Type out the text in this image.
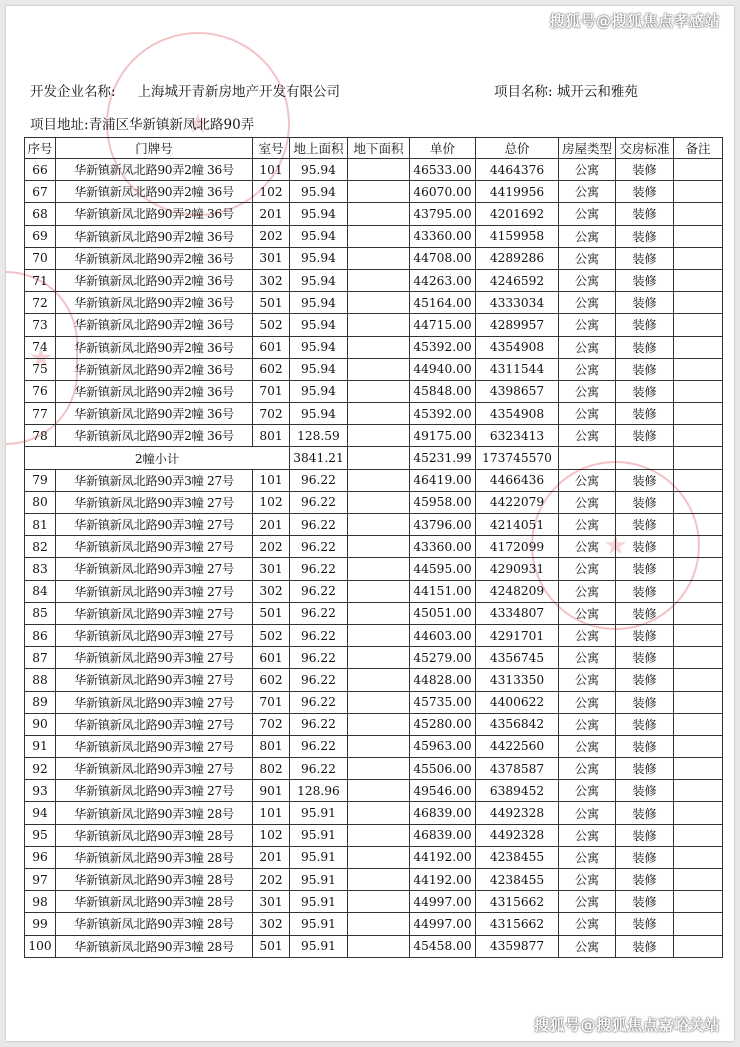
开发企业名称: 上海城开青新房地产开发有限公司	项目名称: 城开云和雅苑
项目地址:青浦区华新镇新凤北路90弄
序号	门牌号	室号	地上面积	地下面积	单价	总价	房屋类型	交房标准	备注
66	华新镇新凤北路90弄2幢 36号	101	95.94		46533.00	4464376	公寓	装修	
67	华新镇新凤北路90弄2幢 36号	102	95.94		46070.00	4419956	公寓	装修	
68	华新镇新凤北路90弄2幢 36号	201	95.94		43795.00	4201692	公寓	装修	
69	华新镇新凤北路90弄2幢 36号	202	95.94		43360.00	4159958	公寓	装修	
70	华新镇新凤北路90弄2幢 36号	301	95.94		44708.00	4289286	公寓	装修	
71	华新镇新凤北路90弄2幢 36号	302	95.94		44263.00	4246592	公寓	装修	
72	华新镇新凤北路90弄2幢 36号	501	95.94		45164.00	4333034	公寓	装修	
73	华新镇新凤北路90弄2幢 36号	502	95.94		44715.00	4289957	公寓	装修	
74	华新镇新凤北路90弄2幢 36号	601	95.94		45392.00	4354908	公寓	装修	
75	华新镇新凤北路90弄2幢 36号	602	95.94		44940.00	4311544	公寓	装修	
76	华新镇新凤北路90弄2幢 36号	701	95.94		45848.00	4398657	公寓	装修	
77	华新镇新凤北路90弄2幢 36号	702	95.94		45392.00	4354908	公寓	装修	
78	华新镇新凤北路90弄2幢 36号	801	128.59		49175.00	6323413	公寓	装修	
2幢小计			3841.21		45231.99	173745570			
79	华新镇新凤北路90弄3幢 27号	101	96.22		46419.00	4466436	公寓	装修	
80	华新镇新凤北路90弄3幢 27号	102	96.22		45958.00	4422079	公寓	装修	
81	华新镇新凤北路90弄3幢 27号	201	96.22		43796.00	4214051	公寓	装修	
82	华新镇新凤北路90弄3幢 27号	202	96.22		43360.00	4172099	公寓	装修	
83	华新镇新凤北路90弄3幢 27号	301	96.22		44595.00	4290931	公寓	装修	
84	华新镇新凤北路90弄3幢 27号	302	96.22		44151.00	4248209	公寓	装修	
85	华新镇新凤北路90弄3幢 27号	501	96.22		45051.00	4334807	公寓	装修	
86	华新镇新凤北路90弄3幢 27号	502	96.22		44603.00	4291701	公寓	装修	
87	华新镇新凤北路90弄3幢 27号	601	96.22		45279.00	4356745	公寓	装修	
88	华新镇新凤北路90弄3幢 27号	602	96.22		44828.00	4313350	公寓	装修	
89	华新镇新凤北路90弄3幢 27号	701	96.22		45735.00	4400622	公寓	装修	
90	华新镇新凤北路90弄3幢 27号	702	96.22		45280.00	4356842	公寓	装修	
91	华新镇新凤北路90弄3幢 27号	801	96.22		45963.00	4422560	公寓	装修	
92	华新镇新凤北路90弄3幢 27号	802	96.22		45506.00	4378587	公寓	装修	
93	华新镇新凤北路90弄3幢 27号	901	128.96		49546.00	6389452	公寓	装修	
94	华新镇新凤北路90弄3幢 28号	101	95.91		46839.00	4492328	公寓	装修	
95	华新镇新凤北路90弄3幢 28号	102	95.91		46839.00	4492328	公寓	装修	
96	华新镇新凤北路90弄3幢 28号	201	95.91		44192.00	4238455	公寓	装修	
97	华新镇新凤北路90弄3幢 28号	202	95.91		44192.00	4238455	公寓	装修	
98	华新镇新凤北路90弄3幢 28号	301	95.91		44997.00	4315662	公寓	装修	
99	华新镇新凤北路90弄3幢 28号	302	95.91		44997.00	4315662	公寓	装修	
100	华新镇新凤北路90弄3幢 28号	501	95.91		45458.00	4359877	公寓	装修	
搜狐号@搜狐焦点孝感站
搜狐号@搜狐焦点嘉峪关站
